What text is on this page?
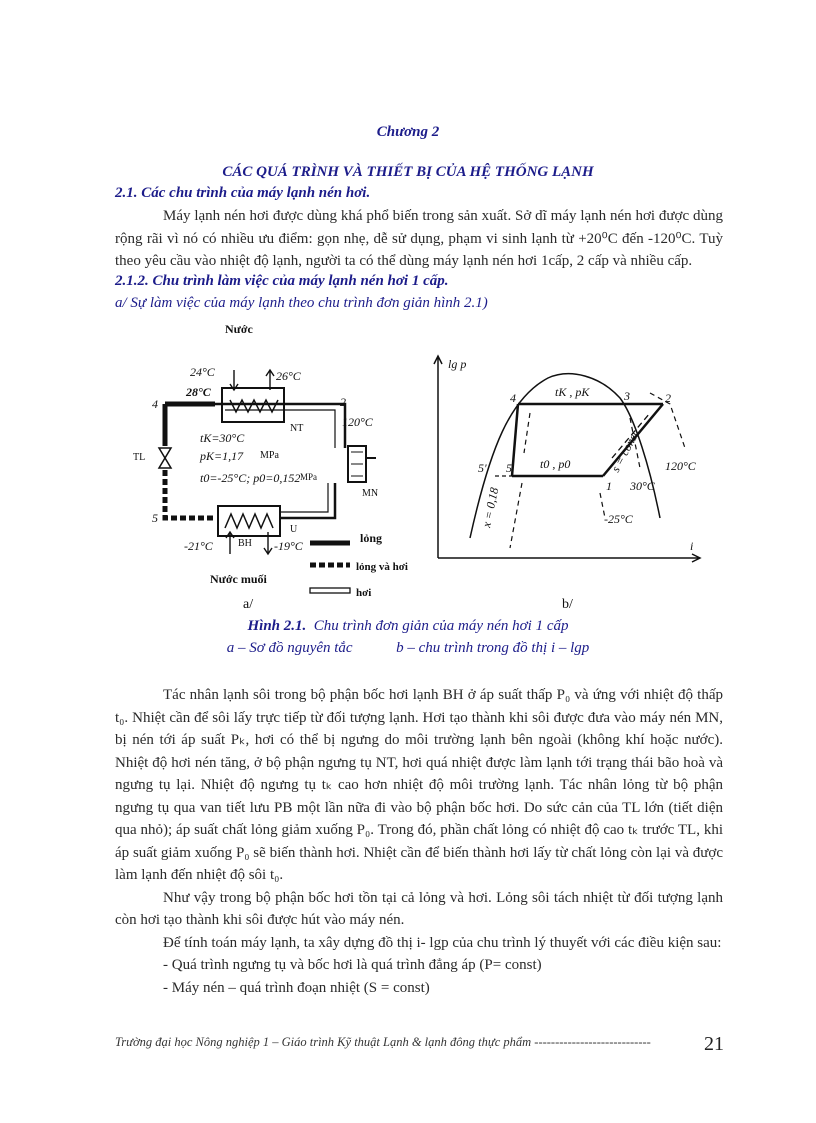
Chương 2
CÁC QUÁ TRÌNH VÀ THIẾT BỊ CỦA HỆ THỐNG LẠNH
2.1. Các chu trình của máy lạnh nén hơi.

Máy lạnh nén hơi được dùng khá phổ biến trong sản xuất. Sở dĩ máy lạnh nén hơi được dùng rộng rãi vì nó có nhiều ưu điểm: gọn nhẹ, dễ sử dụng, phạm vi sinh lạnh từ +20⁰C đến -120⁰C. Tuỳ theo yêu cầu vào nhiệt độ lạnh, người ta có thể dùng máy lạnh nén hơi 1cấp, 2 cấp và nhiều cấp.

2.1.2. Chu trình làm việc của máy lạnh nén hơi 1 cấp.
a/ Sự làm việc của máy lạnh theo chu trình đơn giản hình 2.1)
Nước
24°C	26°C
28°C
4	2
120°C
NT
tK=30°C
TL	pK=1,17 MPa
t0=-25°C; p0=0,152 MPa
MN
5
U
BH
-21°C	-19°C
lỏng
Nước muối
lỏng và hơi
hơi
a/
lg p
i
tK , pK
t0 , p0
4	3	2
5
5'
1
s = const
x = 0,18
120°C
30°C
-25°C
b/
Hình 2.1. Chu trình đơn giản của máy nén hơi 1 cấp
a – Sơ đồ nguyên tắc	b – chu trình trong đồ thị i – lgp

Tác nhân lạnh sôi trong bộ phận bốc hơi lạnh BH ở áp suất thấp P₀ và ứng với nhiệt độ thấp t₀. Nhiệt cần để sôi lấy trực tiếp từ đối tượng lạnh. Hơi tạo thành khi sôi được đưa vào máy nén MN, bị nén tới áp suất Pₖ, hơi có thể bị ngưng do môi trường lạnh bên ngoài (không khí hoặc nước). Nhiệt độ hơi nén tăng, ở bộ phận ngưng tụ NT, hơi quá nhiệt được làm lạnh tới trạng thái bão hoà và ngưng tụ lại. Nhiệt độ ngưng tụ tₖ cao hơn nhiệt độ môi trường lạnh. Tác nhân lỏng từ bộ phận ngưng tụ qua van tiết lưu PB một lần nữa đi vào bộ phận bốc hơi. Do sức cản của TL lớn (tiết diện qua nhỏ); áp suất chất lỏng giảm xuống P₀. Trong đó, phần chất lỏng có nhiệt độ cao tₖ trước TL, khi áp suất giảm xuống P₀ sẽ biến thành hơi. Nhiệt cần để biến thành hơi lấy từ chất lỏng còn lại và được làm lạnh đến nhiệt độ sôi t₀.

Như vậy trong bộ phận bốc hơi tồn tại cả lỏng và hơi. Lỏng sôi tách nhiệt từ đối tượng lạnh còn hơi tạo thành khi sôi được hút vào máy nén.

Để tính toán máy lạnh, ta xây dựng đồ thị i- lgp của chu trình lý thuyết với các điều kiện sau:

- Quá trình ngưng tụ và bốc hơi là quá trình đẳng áp (P= const)
- Máy nén – quá trình đoạn nhiệt (S = const)
Trường đại học Nông nghiệp 1 – Giáo trình Kỹ thuật Lạnh & lạnh đông thực phẩm ----------------------------	21
